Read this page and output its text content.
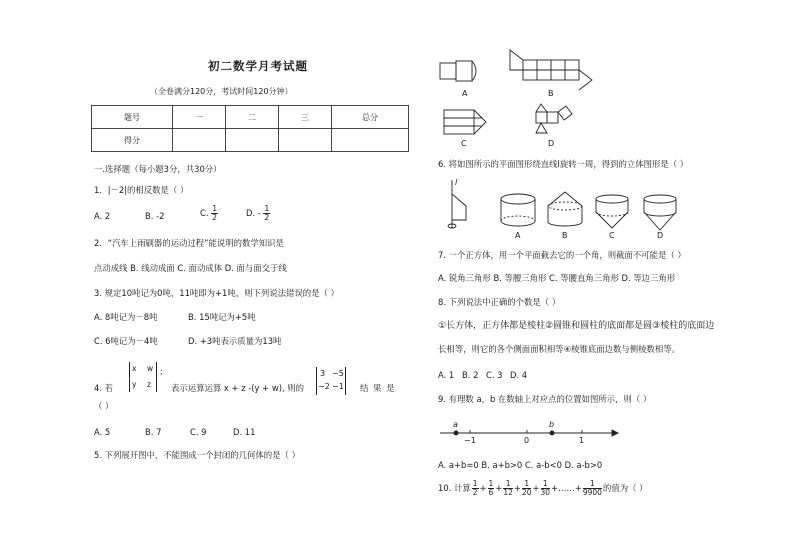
初二数学月考试题
（全卷满分120分，考试时间120分钟）
题号	一	二	三	总分
得分				
一.选择题（每小题3分，共30分）
1．|－2|的相反数是（ ）
A. 2	B. -2	C. $\frac{1}{2}$	D. - $\frac{1}{2}$
2．“汽车上雨刷器的运动过程”能说明的数学知识是
点动成线 B. 线动成面 C. 面动成体 D. 面与面交于线
3. 规定10吨记为0吨，11吨即为+1吨，则下列说法错误的是（ ）
A. 8吨记为－8吨	B. 15吨记为+5吨
C. 6吨记为－4吨	D. +3吨表示质量为13吨
4. 若
x w
y z
;
表示运算运算 x + z -(y + w), 则的
3 −5
−2 −1 结 果 是
（ ）
A. 5	B. 7	C. 9	D. 11
5. 下列展开图中，不能围成一个封闭的几何体的是（ ）
A	B
C	D
6. 将如图所示的平面图形绕直线l旋转一周，得到的立体图形是（ ）
l
A	B	C	D
7. 一个正方体，用一个平面截去它的一个角，则截面不可能是（ ）
A. 锐角三角形 B. 等腰三角形 C. 等腰直角三角形 D. 等边三角形
8. 下列说法中正确的个数是（ ）
①长方体，正方体都是棱柱②圆锥和圆柱的底面都是圆③棱柱的底面边
长相等，则它的各个侧面面积相等④棱锥底面边数与侧棱数相等。
A. 1 B. 2 C. 3 D. 4
9. 有理数 a，b 在数轴上对应点的位置如图所示，则（ ）
a	b
−1	0	1
A. a+b=0 B. a+b>0 C. a-b<0 D. a-b>0
10. 计算 $\frac{1}{2} + \frac{1}{6} + \frac{1}{12} + \frac{1}{20} + \frac{1}{30}$ +……+ $\frac{1}{9900}$ 的值为（ ）
